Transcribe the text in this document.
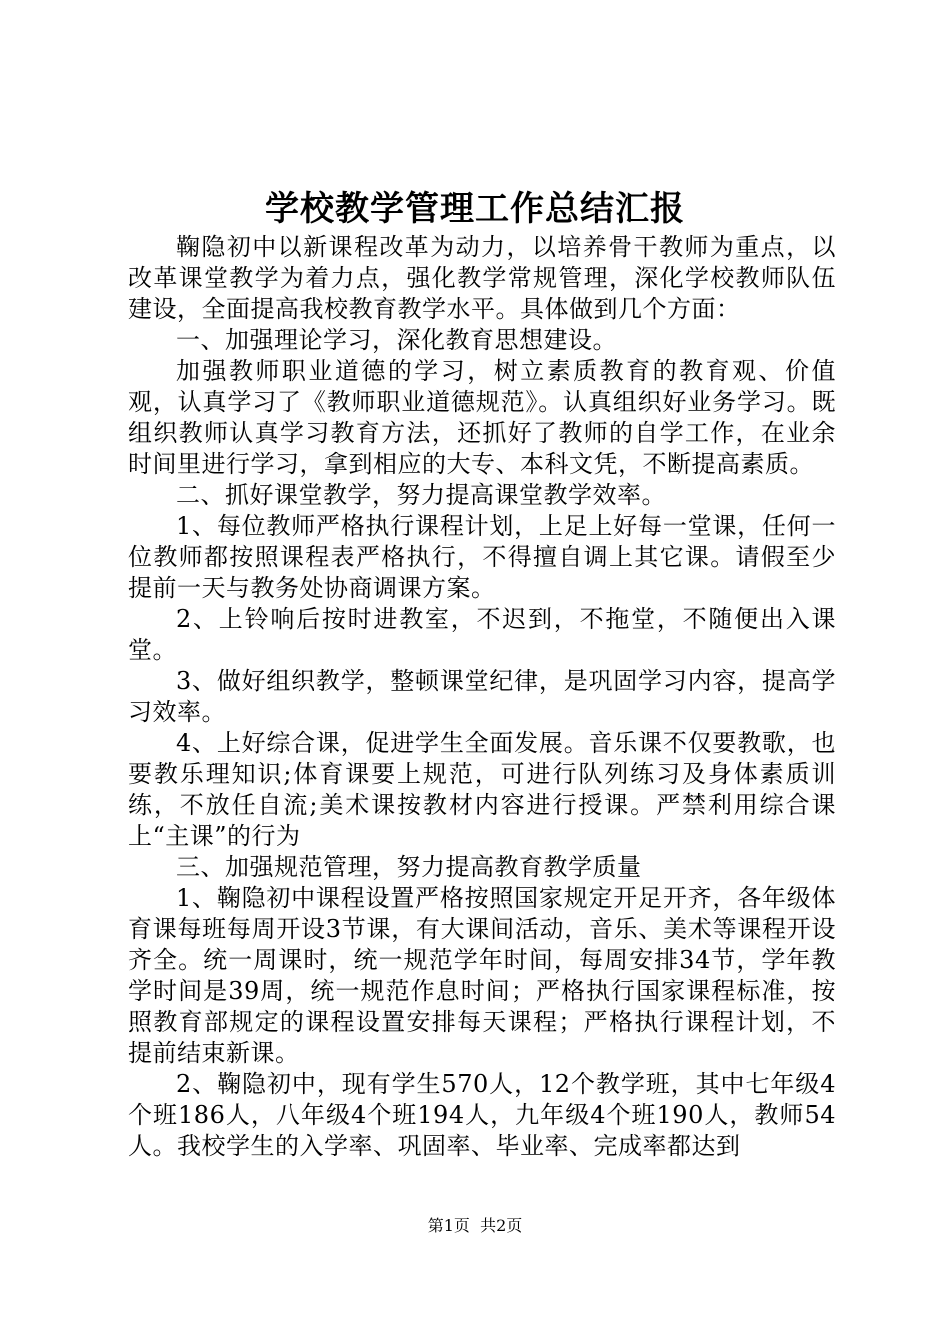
学校教学管理工作总结汇报

鞠隐初中以新课程改革为动力，以培养骨干教师为重点，以改革课堂教学为着力点，强化教学常规管理，深化学校教师队伍建设，全面提高我校教育教学水平。具体做到几个方面：

一、加强理论学习，深化教育思想建设。

加强教师职业道德的学习，树立素质教育的教育观、价值观，认真学习了《教师职业道德规范》。认真组织好业务学习。既组织教师认真学习教育方法，还抓好了教师的自学工作，在业余时间里进行学习，拿到相应的大专、本科文凭，不断提高素质。

二、抓好课堂教学，努力提高课堂教学效率。

1、每位教师严格执行课程计划，上足上好每一堂课，任何一位教师都按照课程表严格执行，不得擅自调上其它课。请假至少提前一天与教务处协商调课方案。

2、上铃响后按时进教室，不迟到，不拖堂，不随便出入课堂。

3、做好组织教学，整顿课堂纪律，是巩固学习内容，提高学习效率。

4、上好综合课，促进学生全面发展。音乐课不仅要教歌，也要教乐理知识;体育课要上规范，可进行队列练习及身体素质训练，不放任自流;美术课按教材内容进行授课。严禁利用综合课上“主课”的行为

三、加强规范管理，努力提高教育教学质量

1、鞠隐初中课程设置严格按照国家规定开足开齐，各年级体育课每班每周开设3节课，有大课间活动，音乐、美术等课程开设齐全。统一周课时，统一规范学年时间，每周安排34节，学年教学时间是39周，统一规范作息时间；严格执行国家课程标准，按照教育部规定的课程设置安排每天课程；严格执行课程计划，不提前结束新课。

2、鞠隐初中，现有学生570人，12个教学班，其中七年级4个班186人，八年级4个班194人，九年级4个班190人，教师54人。我校学生的入学率、巩固率、毕业率、完成率都达到

第1页 共2页
